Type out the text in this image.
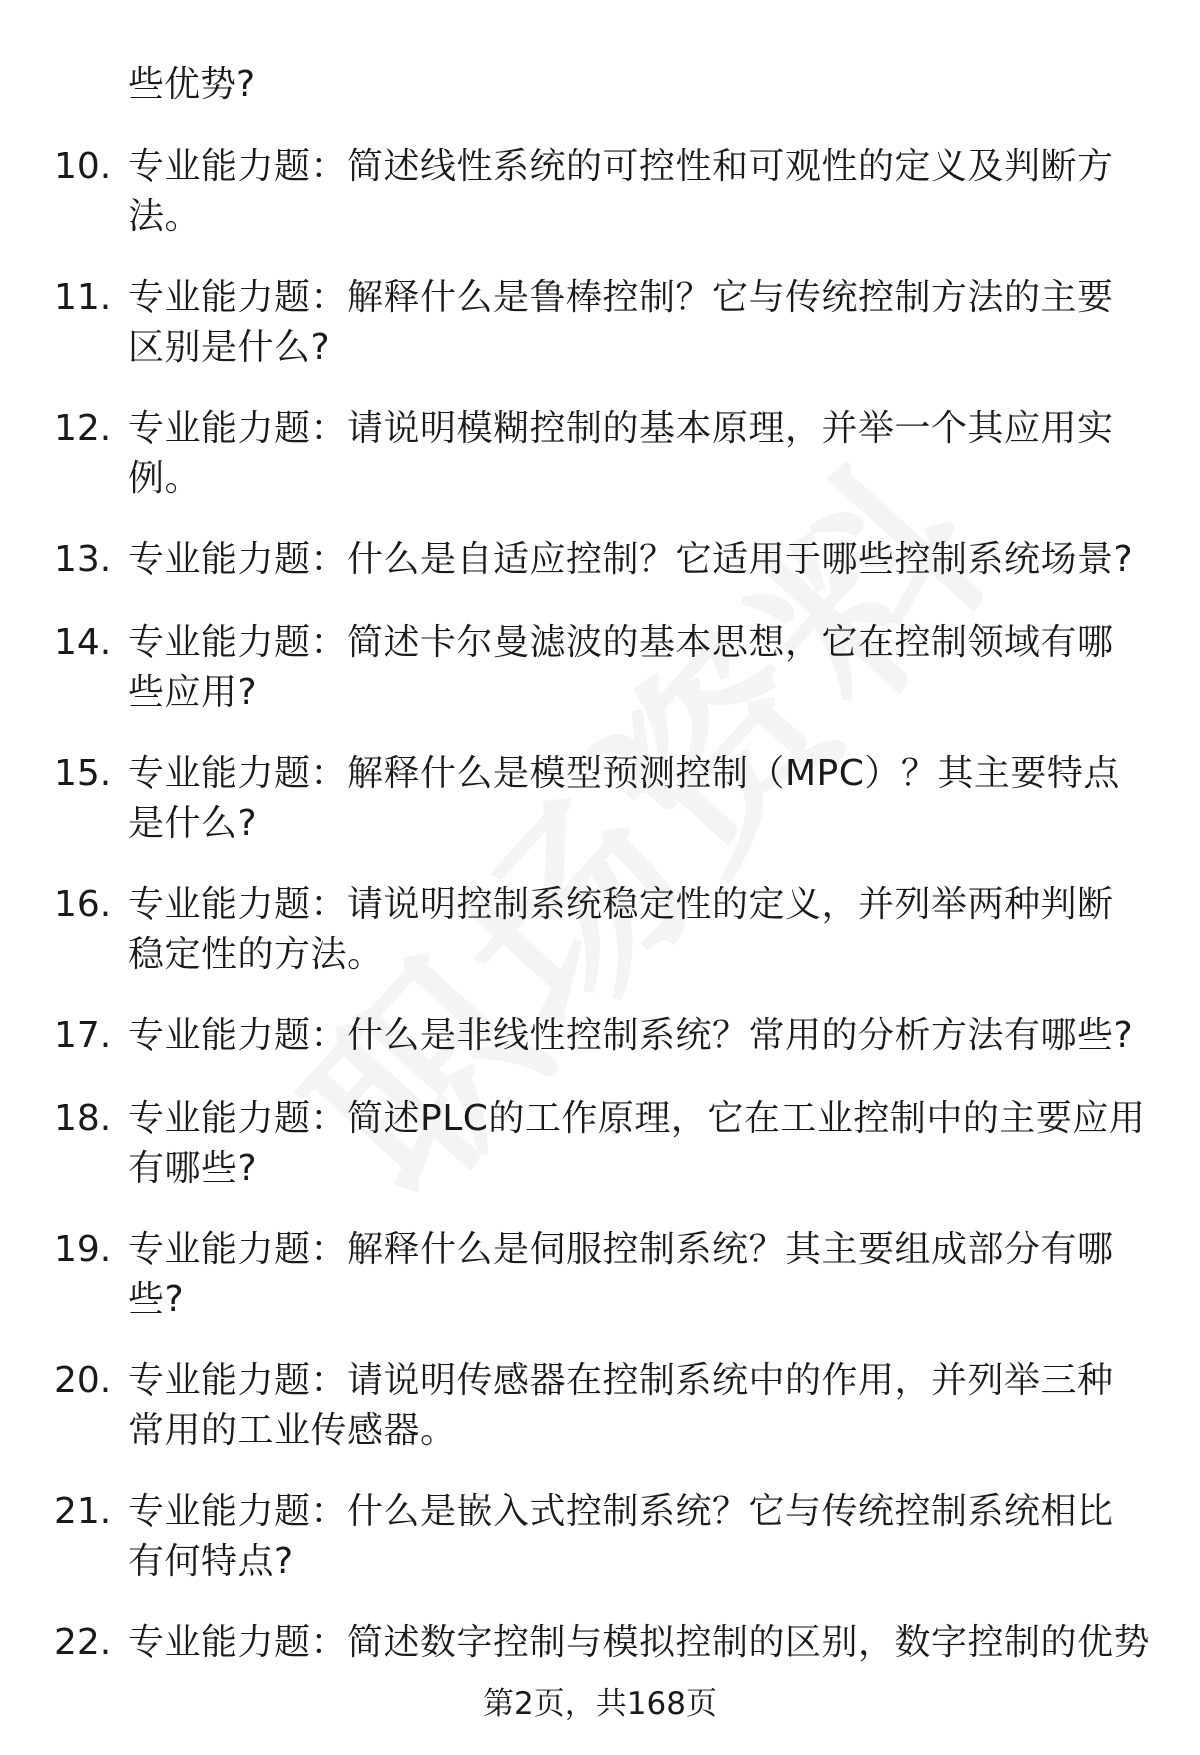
些优势?

10. 专业能力题：简述线性系统的可控性和可观性的定义及判断方法。
11. 专业能力题：解释什么是鲁棒控制？它与传统控制方法的主要区别是什么?
12. 专业能力题：请说明模糊控制的基本原理，并举一个其应用实例。
13. 专业能力题：什么是自适应控制？它适用于哪些控制系统场景?
14. 专业能力题：简述卡尔曼滤波的基本思想，它在控制领域有哪些应用?
15. 专业能力题：解释什么是模型预测控制（MPC）？其主要特点是什么?
16. 专业能力题：请说明控制系统稳定性的定义，并列举两种判断稳定性的方法。
17. 专业能力题：什么是非线性控制系统？常用的分析方法有哪些?
18. 专业能力题：简述PLC的工作原理，它在工业控制中的主要应用有哪些?
19. 专业能力题：解释什么是伺服控制系统？其主要组成部分有哪些?
20. 专业能力题：请说明传感器在控制系统中的作用，并列举三种常用的工业传感器。
21. 专业能力题：什么是嵌入式控制系统？它与传统控制系统相比有何特点?
22. 专业能力题：简述数字控制与模拟控制的区别，数字控制的优势
第2页，共168页
